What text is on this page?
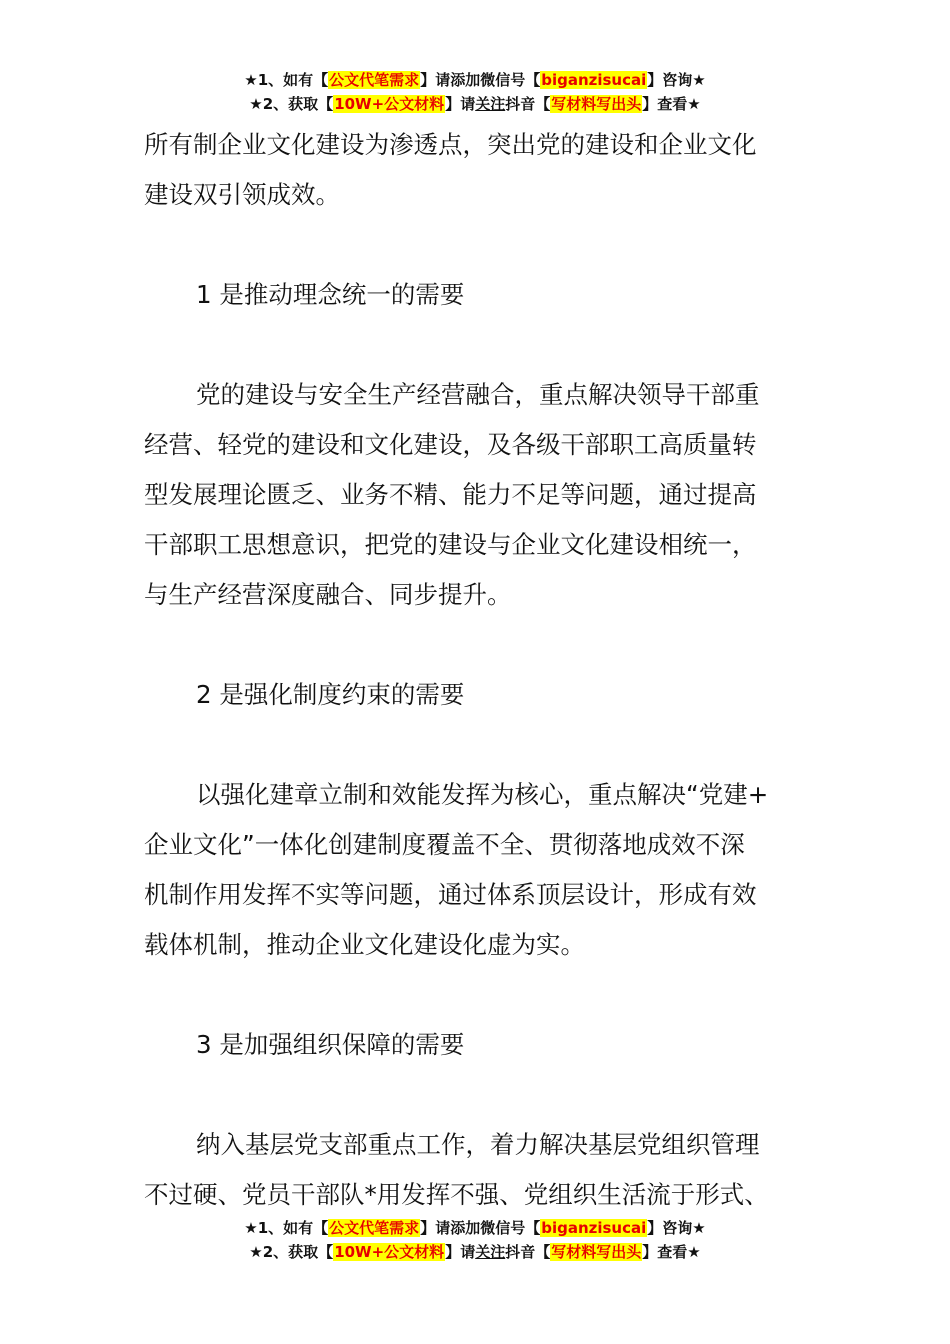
★1、如有【公文代笔需求】请添加微信号【biganzisucai】咨询★
★2、获取【10W+公文材料】请关注抖音【写材料写出头】查看★

所有制企业文化建设为渗透点，突出党的建设和企业文化

建设双引领成效。

1 是推动理念统一的需要

党的建设与安全生产经营融合，重点解决领导干部重

经营、轻党的建设和文化建设，及各级干部职工高质量转

型发展理论匮乏、业务不精、能力不足等问题，通过提高

干部职工思想意识，把党的建设与企业文化建设相统一，

与生产经营深度融合、同步提升。

2 是强化制度约束的需要

以强化建章立制和效能发挥为核心，重点解决“党建+

企业文化”一体化创建制度覆盖不全、贯彻落地成效不深

机制作用发挥不实等问题，通过体系顶层设计，形成有效

载体机制，推动企业文化建设化虚为实。

3 是加强组织保障的需要

纳入基层党支部重点工作，着力解决基层党组织管理

不过硬、党员干部队*用发挥不强、党组织生活流于形式、

★1、如有【公文代笔需求】请添加微信号【biganzisucai】咨询★
★2、获取【10W+公文材料】请关注抖音【写材料写出头】查看★
